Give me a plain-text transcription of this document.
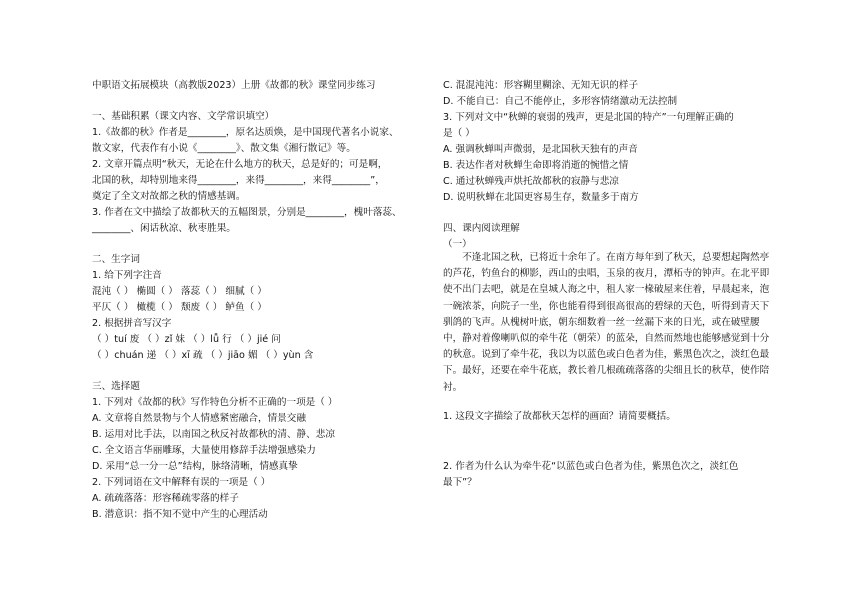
中职语文拓展模块（高教版2023）上册《故都的秋》课堂同步练习
一、基础积累（课文内容、文学常识填空）
1.《故都的秋》作者是________，原名达质焕，是中国现代著名小说家、
散文家，代表作有小说《________》、散文集《湘行散记》等。
2. 文章开篇点明“秋天，无论在什么地方的秋天，总是好的；可是啊，
北国的秋，却特别地来得________，来得________，来得________”，
奠定了全文对故都之秋的情感基调。
3. 作者在文中描绘了故都秋天的五幅图景，分别是________，槐叶落蕊、
________、闲话秋凉、秋枣胜果。
二、生字词
1. 给下列字注音
混沌（ ） 椭圆（ ） 落蕊（ ） 细腻（ ）
平仄（ ） 橄榄（ ） 颓废（ ） 鲈鱼（ ）
2. 根据拼音写汉字
（ ）tuí 废 （ ）zǐ 妹 （ ）lǚ 行 （ ）jié 问
（ ）chuán 递 （ ）xī 疏 （ ）jiāo 媚 （ ）yùn 含
三、选择题
1. 下列对《故都的秋》写作特色分析不正确的一项是（ ）
A. 文章将自然景物与个人情感紧密融合，情景交融
B. 运用对比手法，以南国之秋反衬故都秋的清、静、悲凉
C. 全文语言华丽雕琢，大量使用修辞手法增强感染力
D. 采用“总一分一总”结构，脉络清晰，情感真挚
2. 下列词语在文中解释有误的一项是（ ）
A. 疏疏落落：形容稀疏零落的样子
B. 潜意识：指不知不觉中产生的心理活动
C. 混混沌沌：形容糊里糊涂、无知无识的样子
D. 不能自已：自己不能停止，多形容情绪激动无法控制
3. 下列对文中“秋蝉的衰弱的残声，更是北国的特产”一句理解正确的
是（ ）
A. 强调秋蝉叫声微弱，是北国秋天独有的声音
B. 表达作者对秋蝉生命即将消逝的惋惜之情
C. 通过秋蝉残声烘托故都秋的寂静与悲凉
D. 说明秋蝉在北国更容易生存，数量多于南方
四、课内阅读理解
（一）
不逢北国之秋，已将近十余年了。在南方每年到了秋天，总要想起陶然亭的芦花，钓鱼台的柳影，西山的虫唱，玉泉的夜月，潭柘寺的钟声。在北平即使不出门去吧，就是在皇城人海之中，租人家一椽破屋来住着，早晨起来，泡一碗浓茶，向院子一坐，你也能看得到很高很高的碧绿的天色，听得到青天下驯鸽的飞声。从槐树叶底，朝东细数着一丝一丝漏下来的日光，或在破壁腰中，静对着像喇叭似的牵牛花（朝荣）的蓝朵，自然而然地也能够感觉到十分的秋意。说到了牵牛花，我以为以蓝色或白色者为佳，紫黑色次之，淡红色最下。最好，还要在牵牛花底，教长着几根疏疏落落的尖细且长的秋草，使作陪衬。
1. 这段文字描绘了故都秋天怎样的画面？请简要概括。
2. 作者为什么认为牵牛花“以蓝色或白色者为佳，紫黑色次之，淡红色
最下”？
